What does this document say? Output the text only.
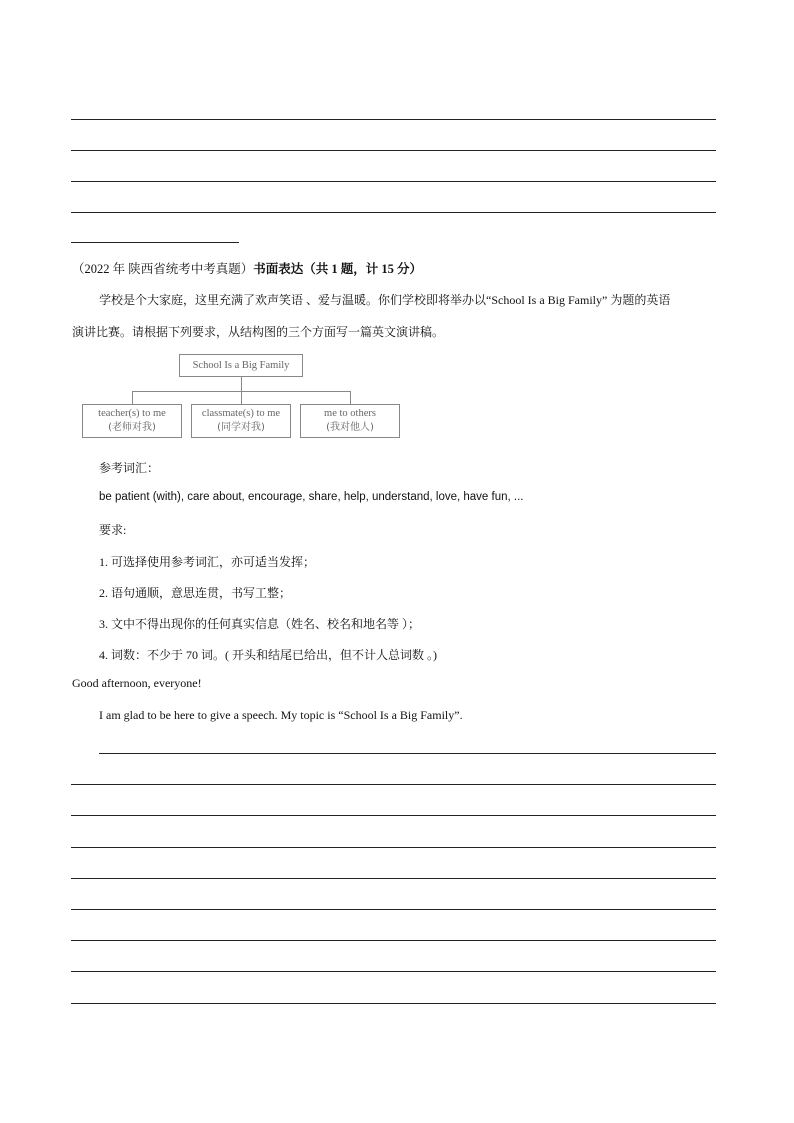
（2022 年 陕西省统考中考真题）书面表达（共 1 题，计 15 分）
学校是个大家庭，这里充满了欢声笑语 、爱与温暖。你们学校即将举办以“School Is a Big Family” 为题的英语
演讲比赛。请根据下列要求，从结构图的三个方面写一篇英文演讲稿。
School Is a Big Family
teacher(s) to me
(老师对我)
classmate(s) to me
(同学对我)
me to others
(我对他人)
参考词汇：
be patient (with), care about, encourage, share, help, understand, love, have fun, ...
要求:
1. 可选择使用参考词汇，亦可适当发挥；
2. 语句通顺，意思连贯，书写工整；
3. 文中不得出现你的任何真实信息（姓名、校名和地名等 ）；
4. 词数：不少于 70 词。( 开头和结尾已给出，但不计人总词数 。)
Good afternoon, everyone!
I am glad to be here to give a speech. My topic is “School Is a Big Family”.
